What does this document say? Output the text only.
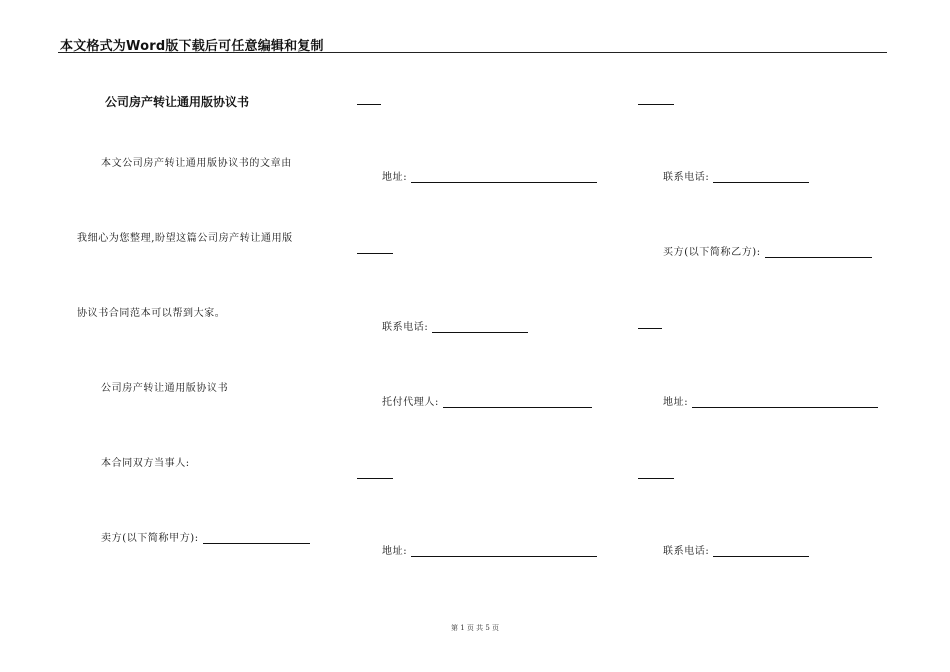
本文格式为Word版下载后可任意编辑和复制
公司房产转让通用版协议书
本文公司房产转让通用版协议书的文章由
我细心为您整理,盼望这篇公司房产转让通用版
协议书合同范本可以帮到大家。
公司房产转让通用版协议书
本合同双方当事人:
卖方(以下简称甲方):
地址:
联系电话:
托付代理人:
地址:
联系电话:
买方(以下简称乙方):
地址:
联系电话:
第 1 页 共 5 页
